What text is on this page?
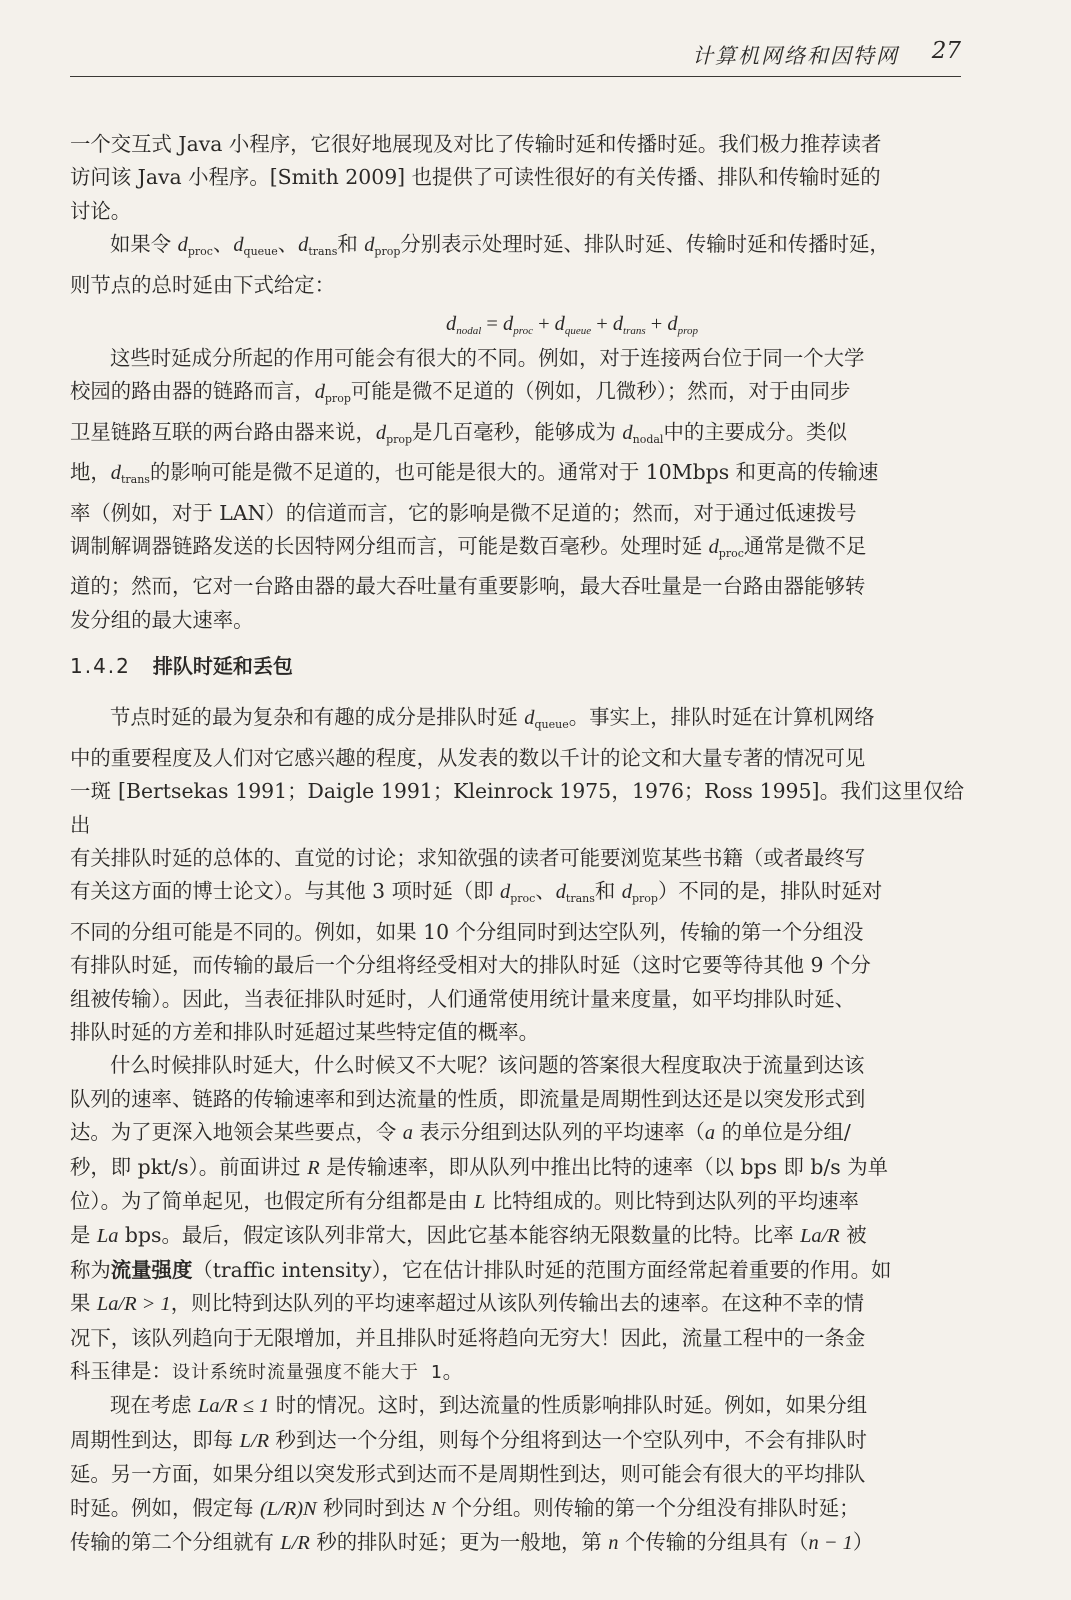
计算机网络和因特网 27

一个交互式 Java 小程序，它很好地展现及对比了传输时延和传播时延。我们极力推荐读者
访问该 Java 小程序。[Smith 2009] 也提供了可读性很好的有关传播、排队和传输时延的
讨论。

如果令 $d_{proc}$、$d_{queue}$、$d_{trans}$和 $d_{prop}$分别表示处理时延、排队时延、传输时延和传播时延，
则节点的总时延由下式给定：

$d_{nodal} = d_{proc} + d_{queue} + d_{trans} + d_{prop}$

这些时延成分所起的作用可能会有很大的不同。例如，对于连接两台位于同一个大学
校园的路由器的链路而言，$d_{prop}$可能是微不足道的（例如，几微秒）；然而，对于由同步
卫星链路互联的两台路由器来说，$d_{prop}$是几百毫秒，能够成为 $d_{nodal}$中的主要成分。类似
地，$d_{trans}$的影响可能是微不足道的，也可能是很大的。通常对于 10Mbps 和更高的传输速
率（例如，对于 LAN）的信道而言，它的影响是微不足道的；然而，对于通过低速拨号
调制解调器链路发送的长因特网分组而言，可能是数百毫秒。处理时延 $d_{proc}$通常是微不足
道的；然而，它对一台路由器的最大吞吐量有重要影响，最大吞吐量是一台路由器能够转
发分组的最大速率。

1.4.2 排队时延和丢包

节点时延的最为复杂和有趣的成分是排队时延 $d_{queue}$。事实上，排队时延在计算机网络
中的重要程度及人们对它感兴趣的程度，从发表的数以千计的论文和大量专著的情况可见
一斑 [Bertsekas 1991；Daigle 1991；Kleinrock 1975，1976；Ross 1995]。我们这里仅给出
有关排队时延的总体的、直觉的讨论；求知欲强的读者可能要浏览某些书籍（或者最终写
有关这方面的博士论文）。与其他 3 项时延（即 $d_{proc}$、$d_{trans}$和 $d_{prop}$）不同的是，排队时延对
不同的分组可能是不同的。例如，如果 10 个分组同时到达空队列，传输的第一个分组没
有排队时延，而传输的最后一个分组将经受相对大的排队时延（这时它要等待其他 9 个分
组被传输）。因此，当表征排队时延时，人们通常使用统计量来度量，如平均排队时延、
排队时延的方差和排队时延超过某些特定值的概率。

什么时候排队时延大，什么时候又不大呢？该问题的答案很大程度取决于流量到达该
队列的速率、链路的传输速率和到达流量的性质，即流量是周期性到达还是以突发形式到
达。为了更深入地领会某些要点，令 a 表示分组到达队列的平均速率（a 的单位是分组/
秒，即 pkt/s）。前面讲过 R 是传输速率，即从队列中推出比特的速率（以 bps 即 b/s 为单
位）。为了简单起见，也假定所有分组都是由 L 比特组成的。则比特到达队列的平均速率
是 La bps。最后，假定该队列非常大，因此它基本能容纳无限数量的比特。比率 La/R 被
称为流量强度（traffic intensity），它在估计排队时延的范围方面经常起着重要的作用。如
果 La/R > 1，则比特到达队列的平均速率超过从该队列传输出去的速率。在这种不幸的情
况下，该队列趋向于无限增加，并且排队时延将趋向无穷大！因此，流量工程中的一条金
科玉律是：设计系统时流量强度不能大于 1。

现在考虑 La/R ≤ 1 时的情况。这时，到达流量的性质影响排队时延。例如，如果分组
周期性到达，即每 L/R 秒到达一个分组，则每个分组将到达一个空队列中，不会有排队时
延。另一方面，如果分组以突发形式到达而不是周期性到达，则可能会有很大的平均排队
时延。例如，假定每 (L/R)N 秒同时到达 N 个分组。则传输的第一个分组没有排队时延；
传输的第二个分组就有 L/R 秒的排队时延；更为一般地，第 n 个传输的分组具有（n − 1）
